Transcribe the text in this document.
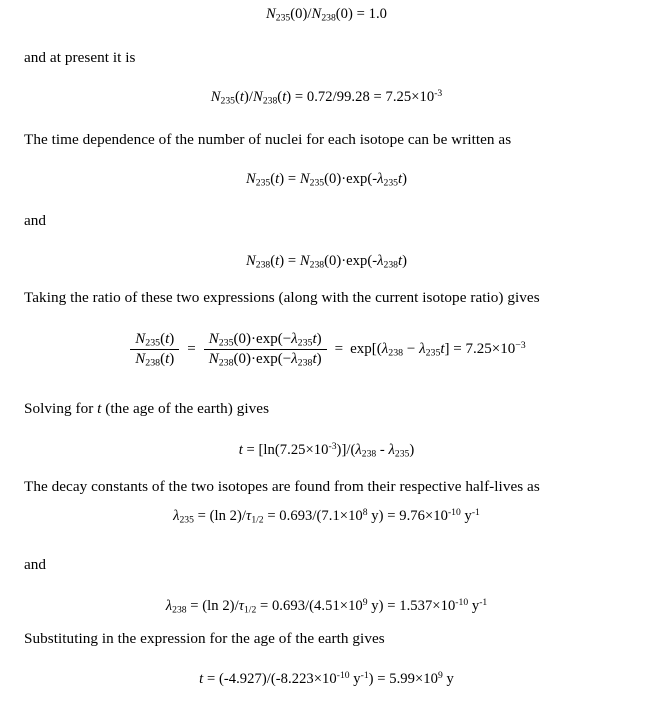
$N_{235}(0)/N_{238}(0) = 1.0$
and at present it is
$N_{235}(t)/N_{238}(t) = 0.72/99.28 = 7.25\times 10^{-3}$
The time dependence of the number of nuclei for each isotope can be written as
$N_{235}(t) = N_{235}(0)\cdot\exp(-\lambda_{235}t)$
and
$N_{238}(t) = N_{238}(0)\cdot\exp(-\lambda_{238}t)$
Taking the ratio of these two expressions (along with the current isotope ratio) gives
$\frac{N_{235}(t)}{N_{238}(t)} = \frac{N_{235}(0)\cdot\exp(-\lambda_{235}t)}{N_{238}(0)\cdot\exp(-\lambda_{238}t)} = \exp[(\lambda_{238} - \lambda_{235}t] = 7.25\times 10^{-3}$
Solving for t (the age of the earth) gives
$t = [\ln(7.25\times 10^{-3})]/(\lambda_{238} - \lambda_{235})$
The decay constants of the two isotopes are found from their respective half-lives as
$\lambda_{235} = (\ln$ $2)/\tau_{1/2} = 0.693/(7.1\times 10^8$ $y) = 9.76\times 10^{-10}$ $y^{-1}$
and
$\lambda_{238} = (\ln$ $2)/\tau_{1/2} = 0.693/(4.51\times 10^9$ $y) = 1.537\times 10^{-10}$ $y^{-1}$
Substituting in the expression for the age of the earth gives
$t = (-4.927)/(-8.223\times 10^{-10}$ $y^{-1}) = 5.99\times 10^9$ y
